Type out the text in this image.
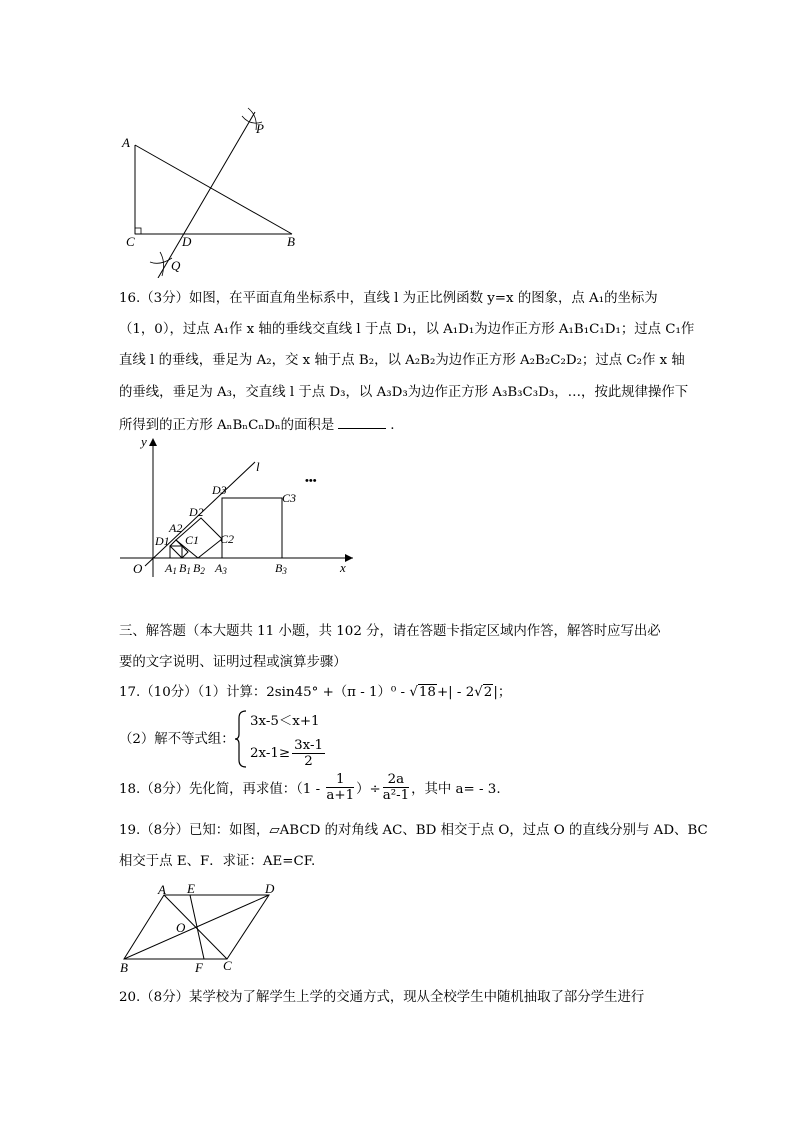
A
P
C	D	B
Q
16.（3分）如图，在平面直角坐标系中，直线 l 为正比例函数 y=x 的图象，点 A₁的坐标为
（1，0），过点 A₁作 x 轴的垂线交直线 l 于点 D₁，以 A₁D₁为边作正方形 A₁B₁C₁D₁；过点 C₁作
直线 l 的垂线，垂足为 A₂，交 x 轴于点 B₂，以 A₂B₂为边作正方形 A₂B₂C₂D₂；过点 C₂作 x 轴
的垂线，垂足为 A₃，交直线 l 于点 D₃，以 A₃D₃为边作正方形 A₃B₃C₃D₃，…，按此规律操作下
所得到的正方形 AₙBₙCₙDₙ的面积是	.
•••
y
x
O
l
D3
C3
D2
A2
C1 C2
D1
A1 B1 B2 A3	B3
三、解答题（本大题共 11 小题，共 102 分，请在答题卡指定区域内作答，解答时应写出必
要的文字说明、证明过程或演算步骤）
17.（10分）（1）计算：2sin45° +（π - 1）⁰ - √18+| - 2√2|；
（2）解不等式组：
3x-5＜x+1
$2x-1\ge \frac{3x-1}{2}$
18.（8分）先化简，再求值：（$1 - \frac{1}{a+1}$ ）÷ $\frac{2a}{\text{a²-1}}$ ，其中 a= - 3.
19.（8分）已知：如图，▱ABCD 的对角线 AC、BD 相交于点 O，过点 O 的直线分别与 AD、BC
相交于点 E、F．求证：AE=CF.
A E	D
O
B	F C
20.（8分）某学校为了解学生上学的交通方式，现从全校学生中随机抽取了部分学生进行
